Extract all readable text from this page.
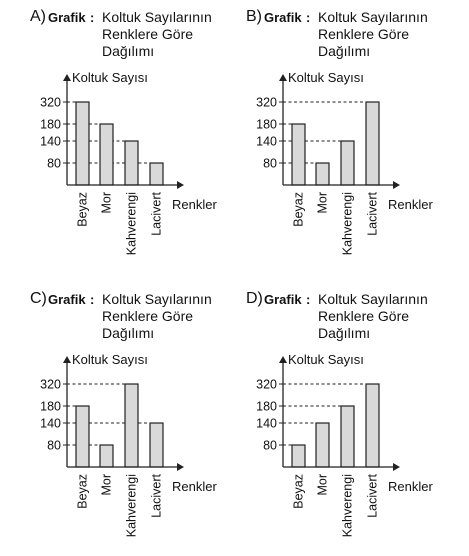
A) Grafik : Koltuk Sayılarının
Renklere Göre
Dağılımı
80
140
180
320
Koltuk Sayısı
Renkler
Beyaz Mor Kahverengi Lacivert
B) Grafik : Koltuk Sayılarının
Renklere Göre
Dağılımı
80
140
180
320
Koltuk Sayısı
Renkler
Beyaz Mor Kahverengi Lacivert
C) Grafik : Koltuk Sayılarının
Renklere Göre
Dağılımı
80
140
180
320
Koltuk Sayısı
Renkler
Beyaz Mor Kahverengi Lacivert
D) Grafik : Koltuk Sayılarının
Renklere Göre
Dağılımı
80
140
180
320
Koltuk Sayısı
Renkler
Beyaz Mor Kahverengi Lacivert
